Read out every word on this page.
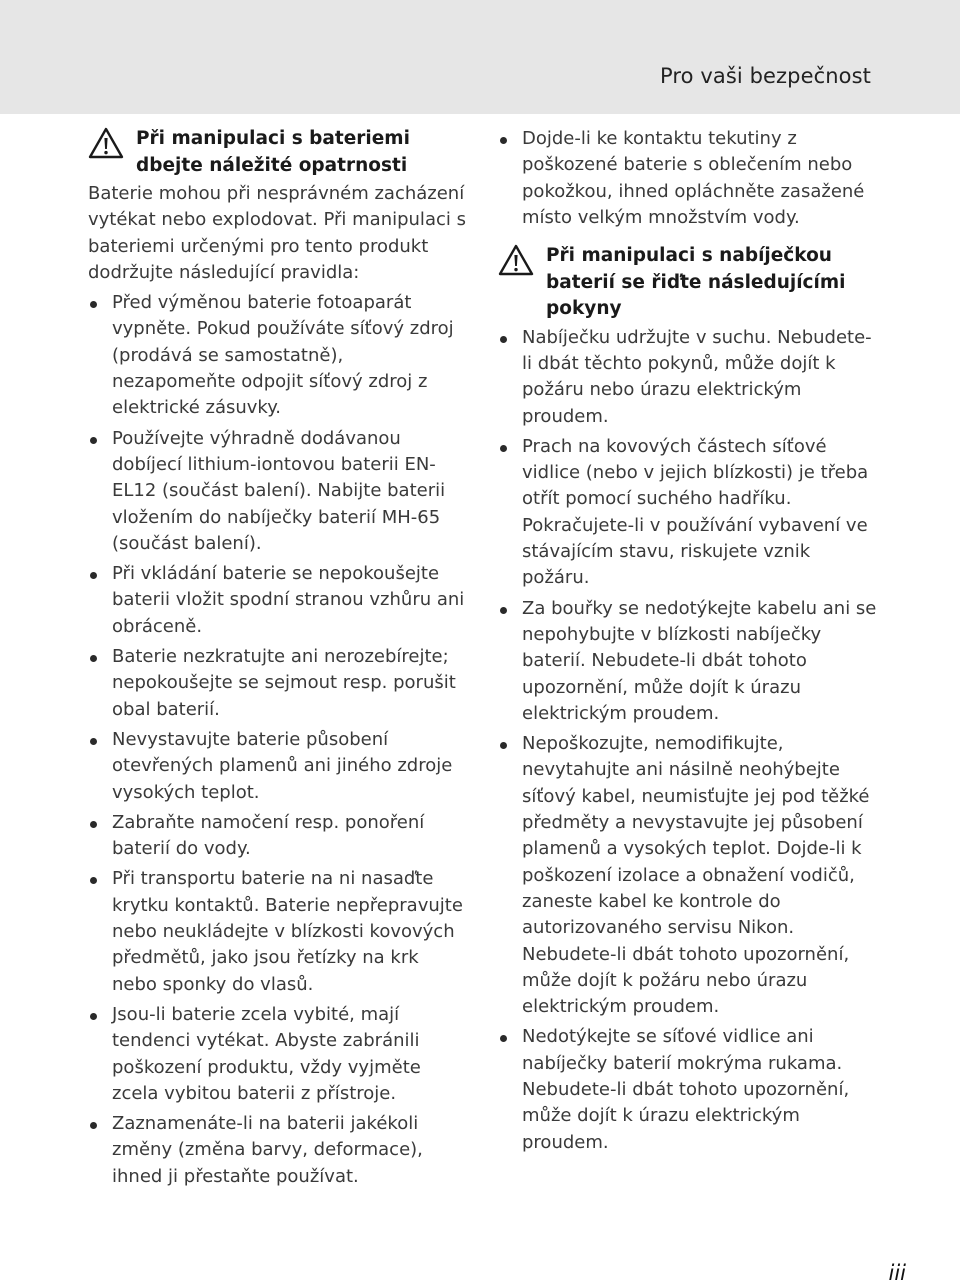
Pro vaši bezpečnost
Při manipulaci s bateriemi dbejte náležité opatrnosti

Baterie mohou při nesprávném zacházení vytékat nebo explodovat. Při manipulaci s bateriemi určenými pro tento produkt dodržujte následující pravidla:

Před výměnou baterie fotoaparát vypněte. Pokud používáte síťový zdroj (prodává se samostatně), nezapomeňte odpojit síťový zdroj z elektrické zásuvky.
Používejte výhradně dodávanou dobíjecí lithium-iontovou baterii EN-EL12 (součást balení). Nabijte baterii vložením do nabíječky baterií MH-65 (součást balení).
Při vkládání baterie se nepokoušejte baterii vložit spodní stranou vzhůru ani obráceně.
Baterie nezkratujte ani nerozebírejte; nepokoušejte se sejmout resp. porušit obal baterií.
Nevystavujte baterie působení otevřených plamenů ani jiného zdroje vysokých teplot.
Zabraňte namočení resp. ponoření baterií do vody.
Při transportu baterie na ni nasaďte krytku kontaktů. Baterie nepřepravujte nebo neukládejte v blízkosti kovových předmětů, jako jsou řetízky na krk nebo sponky do vlasů.
Jsou-li baterie zcela vybité, mají tendenci vytékat. Abyste zabránili poškození produktu, vždy vyjměte zcela vybitou baterii z přístroje.
Zaznamenáte-li na baterii jakékoli změny (změna barvy, deformace), ihned ji přestaňte používat.
Dojde-li ke kontaktu tekutiny z poškozené baterie s oblečením nebo pokožkou, ihned opláchněte zasažené místo velkým množstvím vody.
Při manipulaci s nabíječkou baterií se řiďte následujícími pokyny
Nabíječku udržujte v suchu. Nebudete-li dbát těchto pokynů, může dojít k požáru nebo úrazu elektrickým proudem.
Prach na kovových částech síťové vidlice (nebo v jejich blízkosti) je třeba otřít pomocí suchého hadříku. Pokračujete-li v používání vybavení ve stávajícím stavu, riskujete vznik požáru.
Za bouřky se nedotýkejte kabelu ani se nepohybujte v blízkosti nabíječky baterií. Nebudete-li dbát tohoto upozornění, může dojít k úrazu elektrickým proudem.
Nepoškozujte, nemodifikujte, nevytahujte ani násilně neohýbejte síťový kabel, neumisťujte jej pod těžké předměty a nevystavujte jej působení plamenů a vysokých teplot. Dojde-li k poškození izolace a obnažení vodičů, zaneste kabel ke kontrole do autorizovaného servisu Nikon. Nebudete-li dbát tohoto upozornění, může dojít k požáru nebo úrazu elektrickým proudem.
Nedotýkejte se síťové vidlice ani nabíječky baterií mokrýma rukama. Nebudete-li dbát tohoto upozornění, může dojít k úrazu elektrickým proudem.
iii
